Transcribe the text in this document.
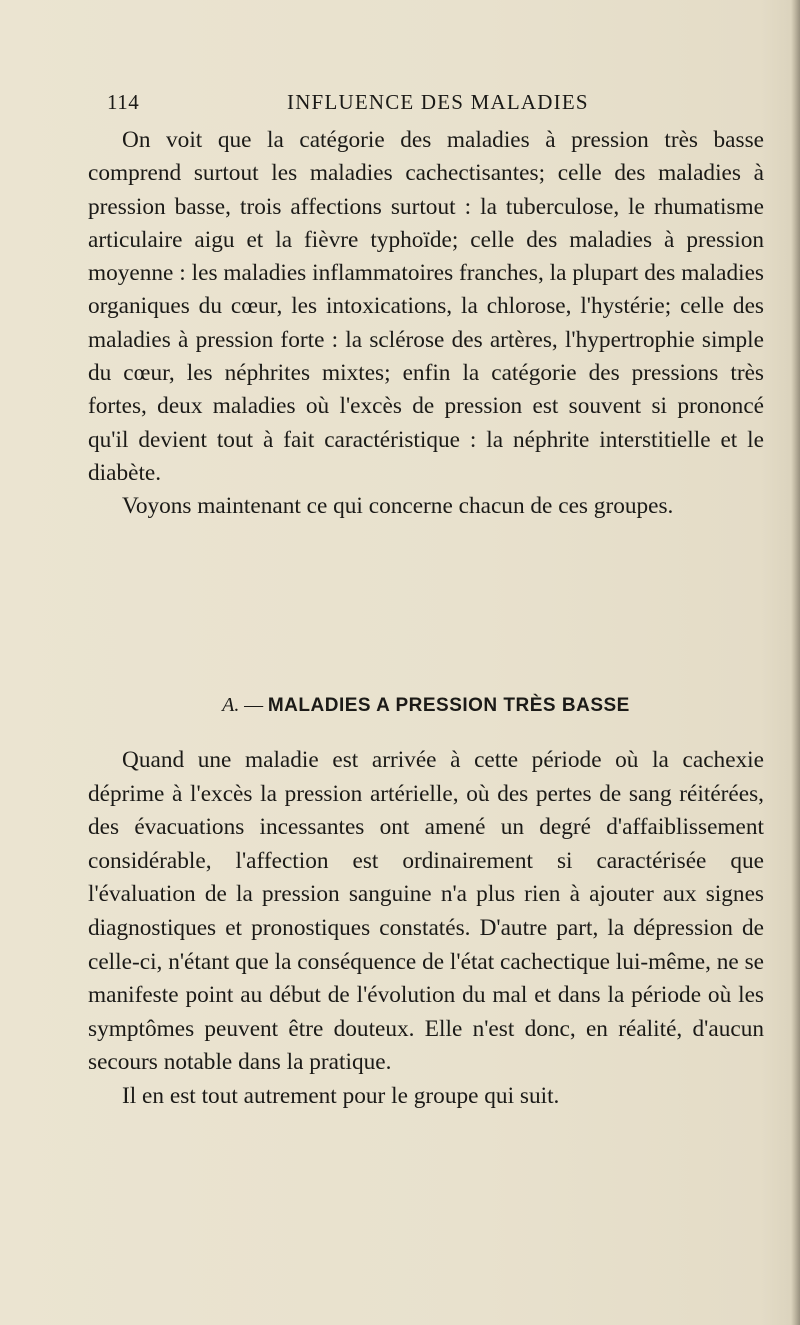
114	INFLUENCE DES MALADIES

On voit que la catégorie des maladies à pression très basse comprend surtout les maladies cachectisantes; celle des maladies à pression basse, trois affections surtout : la tuberculose, le rhumatisme articulaire aigu et la fièvre typhoïde; celle des maladies à pression moyenne : les maladies inflammatoires franches, la plupart des maladies organiques du cœur, les intoxications, la chlorose, l'hystérie; celle des maladies à pression forte : la sclérose des artères, l'hypertrophie simple du cœur, les néphrites mixtes; enfin la catégorie des pressions très fortes, deux maladies où l'excès de pression est souvent si prononcé qu'il devient tout à fait caractéristique : la néphrite interstitielle et le diabète.

Voyons maintenant ce qui concerne chacun de ces groupes.

A. — MALADIES A PRESSION TRÈS BASSE

Quand une maladie est arrivée à cette période où la cachexie déprime à l'excès la pression artérielle, où des pertes de sang réitérées, des évacuations incessantes ont amené un degré d'affaiblissement considérable, l'affection est ordinairement si caractérisée que l'évaluation de la pression sanguine n'a plus rien à ajouter aux signes diagnostiques et pronostiques constatés. D'autre part, la dépression de celle-ci, n'étant que la conséquence de l'état cachectique lui-même, ne se manifeste point au début de l'évolution du mal et dans la période où les symptômes peuvent être douteux. Elle n'est donc, en réalité, d'aucun secours notable dans la pratique.

Il en est tout autrement pour le groupe qui suit.
